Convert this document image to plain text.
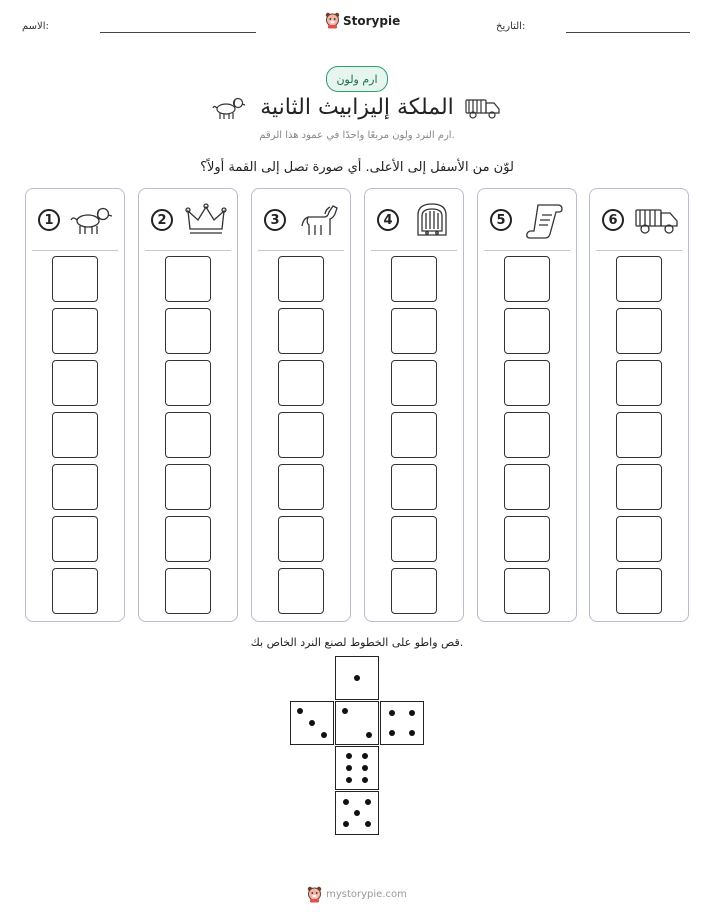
الاسم:	Storypie	التاريخ:
ارم ولون
الملكة إليزابيث الثانية
ارم النرد ولون مربعًا واحدًا في عمود هذا الرقم.
لوّن من الأسفل إلى الأعلى. أي صورة تصل إلى القمة أولاً؟
1	2	3	4	5	6
قص واطو على الخطوط لصنع النرد الخاص بك.
mystorypie.com
